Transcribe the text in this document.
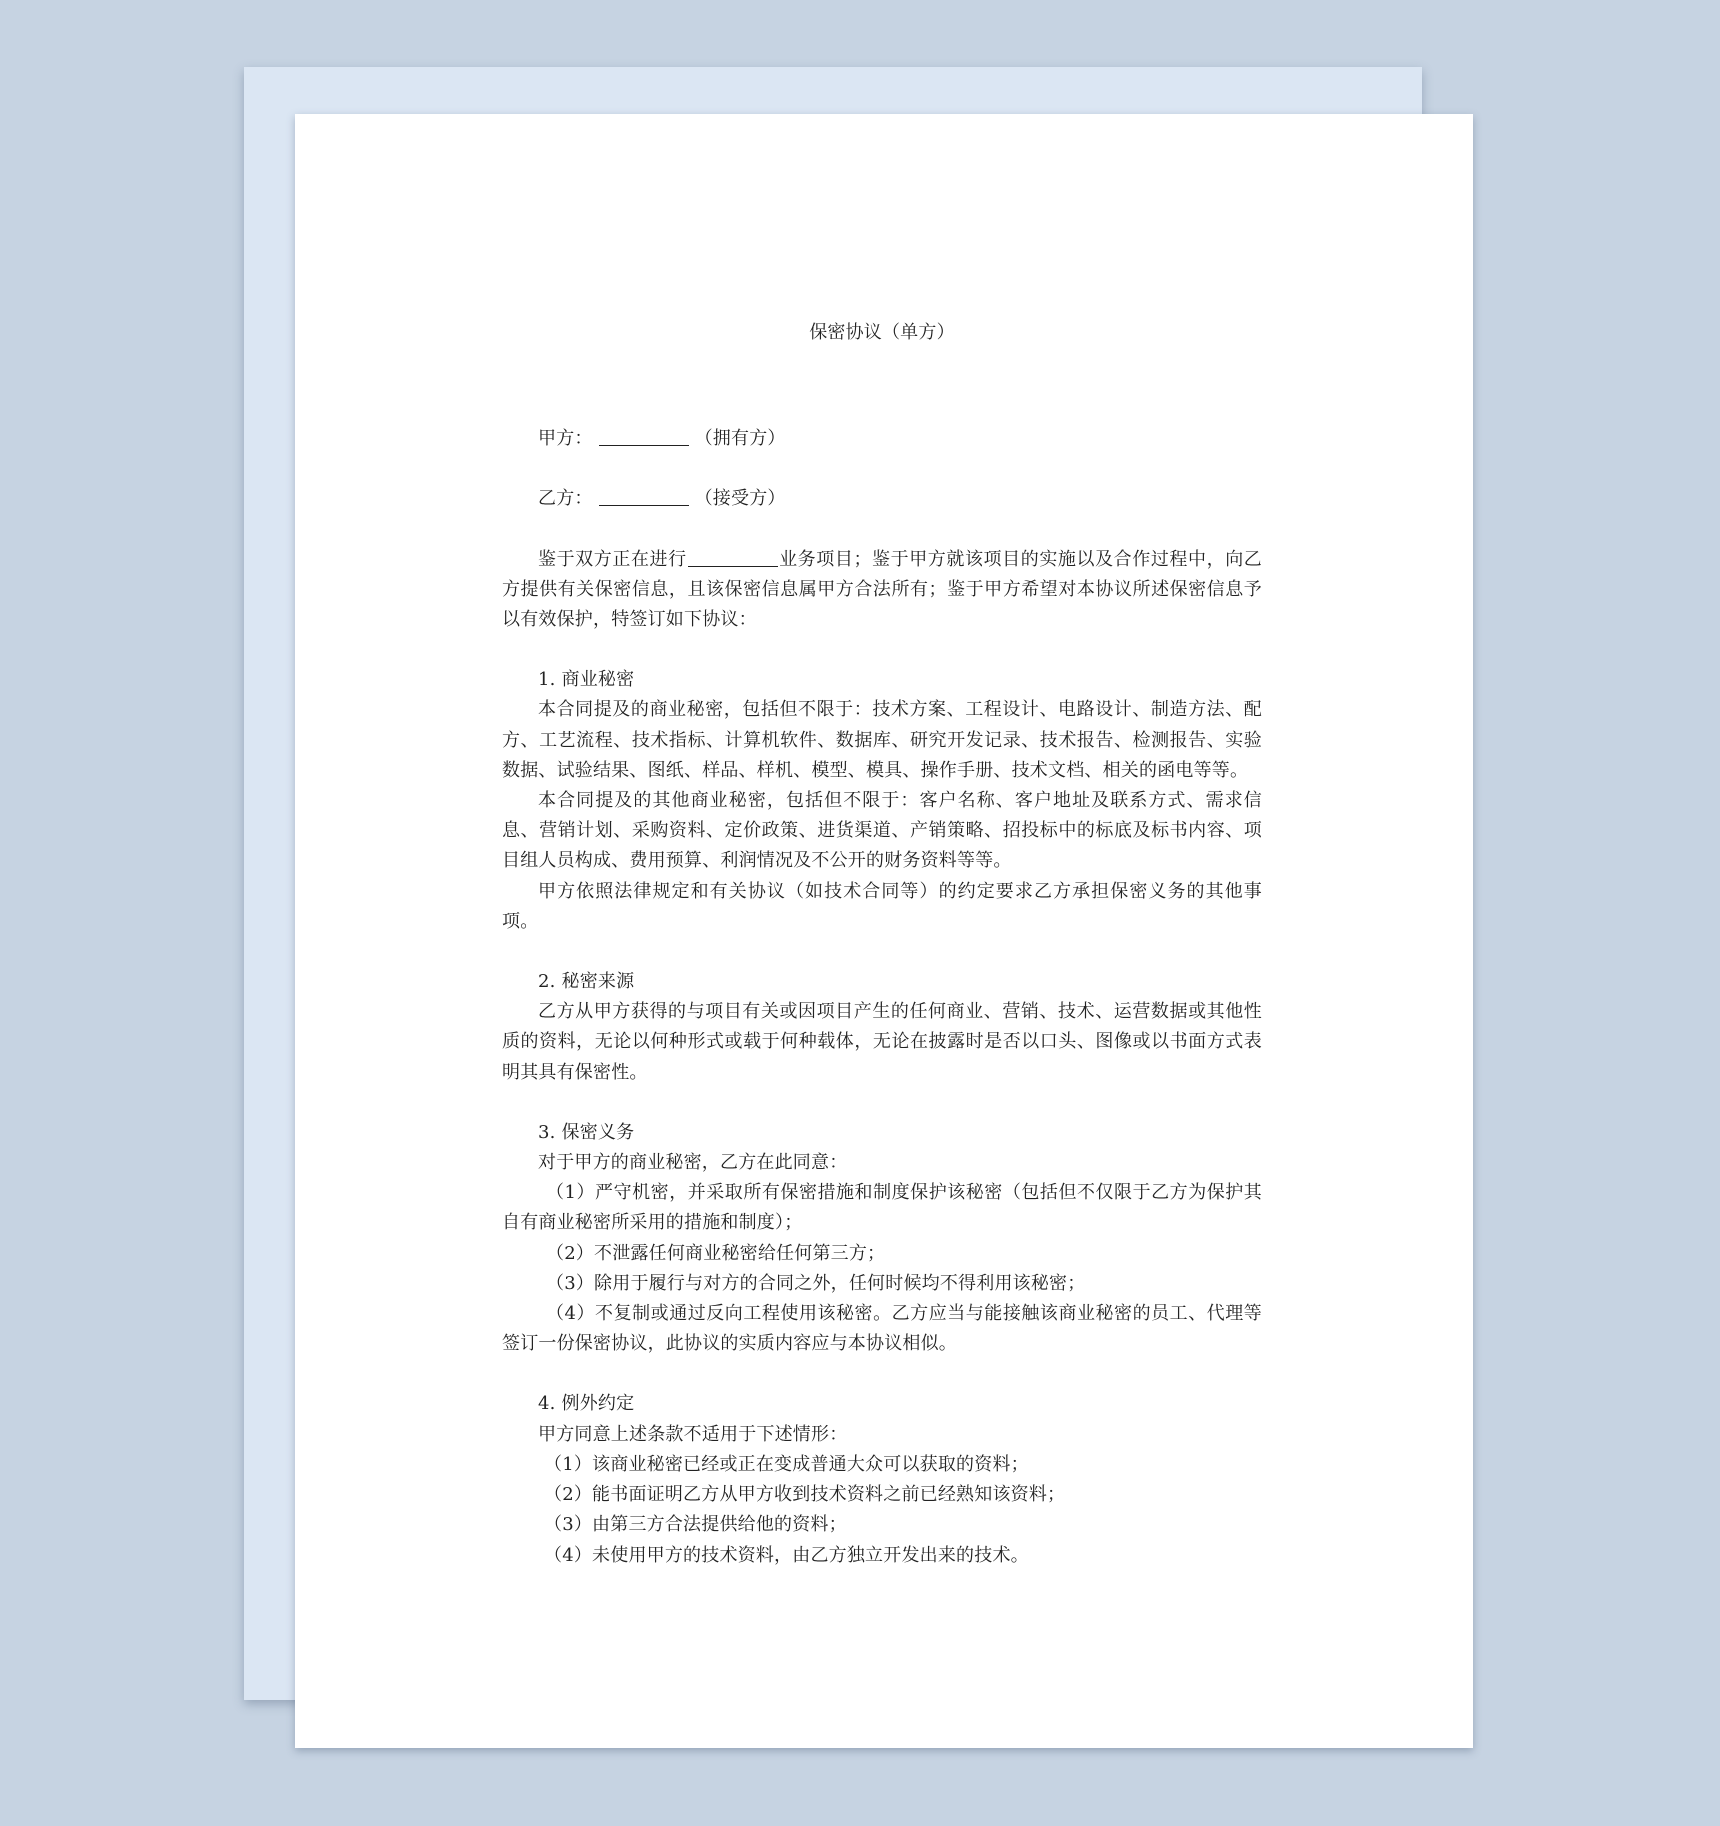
保密协议（单方）

甲方：	（拥有方）

乙方：	（接受方）

鉴于双方正在进行	业务项目；鉴于甲方就该项目的实施以及合作过程中，向乙方提供有关保密信息，且该保密信息属甲方合法所有；鉴于甲方希望对本协议所述保密信息予以有效保护，特签订如下协议：

1. 商业秘密

本合同提及的商业秘密，包括但不限于：技术方案、工程设计、电路设计、制造方法、配方、工艺流程、技术指标、计算机软件、数据库、研究开发记录、技术报告、检测报告、实验数据、试验结果、图纸、样品、样机、模型、模具、操作手册、技术文档、相关的函电等等。

本合同提及的其他商业秘密，包括但不限于：客户名称、客户地址及联系方式、需求信息、营销计划、采购资料、定价政策、进货渠道、产销策略、招投标中的标底及标书内容、项目组人员构成、费用预算、利润情况及不公开的财务资料等等。

甲方依照法律规定和有关协议（如技术合同等）的约定要求乙方承担保密义务的其他事项。

2. 秘密来源

乙方从甲方获得的与项目有关或因项目产生的任何商业、营销、技术、运营数据或其他性质的资料，无论以何种形式或载于何种载体，无论在披露时是否以口头、图像或以书面方式表明其具有保密性。

3. 保密义务

对于甲方的商业秘密，乙方在此同意：

（1）严守机密，并采取所有保密措施和制度保护该秘密（包括但不仅限于乙方为保护其自有商业秘密所采用的措施和制度）；

（2）不泄露任何商业秘密给任何第三方；

（3）除用于履行与对方的合同之外，任何时候均不得利用该秘密；

（4）不复制或通过反向工程使用该秘密。乙方应当与能接触该商业秘密的员工、代理等签订一份保密协议，此协议的实质内容应与本协议相似。

4. 例外约定

甲方同意上述条款不适用于下述情形：

（1）该商业秘密已经或正在变成普通大众可以获取的资料；

（2）能书面证明乙方从甲方收到技术资料之前已经熟知该资料；

（3）由第三方合法提供给他的资料；

（4）未使用甲方的技术资料，由乙方独立开发出来的技术。
